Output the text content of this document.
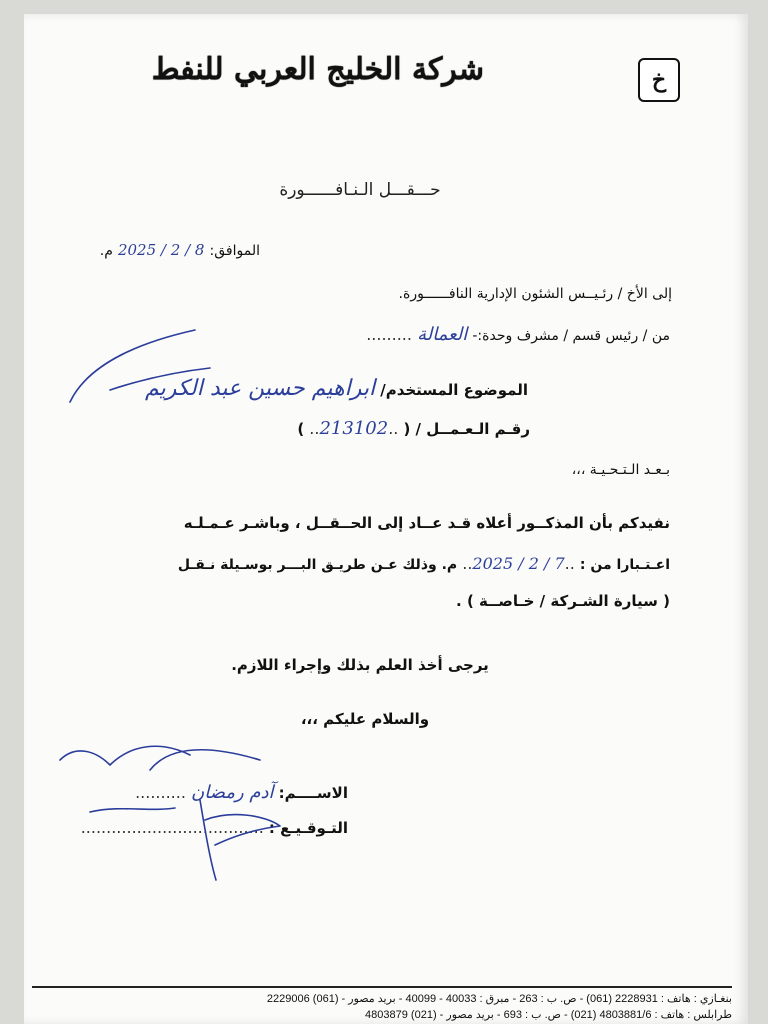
خ
شركة الخليج العربي للنفط
حـــقـــل الـنـافــــــورة
الموافق: 8 / 2 / 2025 م.
إلى الأخ / رئـيــس الشئون الإدارية النافــــــورة.
من / رئيس قسم / مشرف وحدة:- العمالة .........
الموضوع المستخدم/ ابراهيم حسين عبد الكريم
رقـم الـعـمــل / ( ..213102.. )
بـعـد الـتـحـيـة ،،،
نفيدكم بأن المذكــور أعلاه قـد عــاد إلى الحــقــل ، وباشـر عـمـلـه
اعـتـبارا من : ..7 / 2 / 2025.. م. وذلك عـن طريـق البـــر بوسـيلة نـقـل
( سيارة الشـركة / خـاصــة ) .
يرجى أخذ العلم بذلك وإجراء اللازم.
والسلام عليكم ،،،
الاســــم: آدم رمضان ..........
التـوقـيـع : ....................................
بنغـازي : هاتف : 2228931 (061) - ص. ب : 263 - مبرق : 40033 - 40099 - بريد مصور - (061) 2229006
طرابلس : هاتف : 4803881/6 (021) - ص. ب : 693 - بريد مصور - (021) 4803879
